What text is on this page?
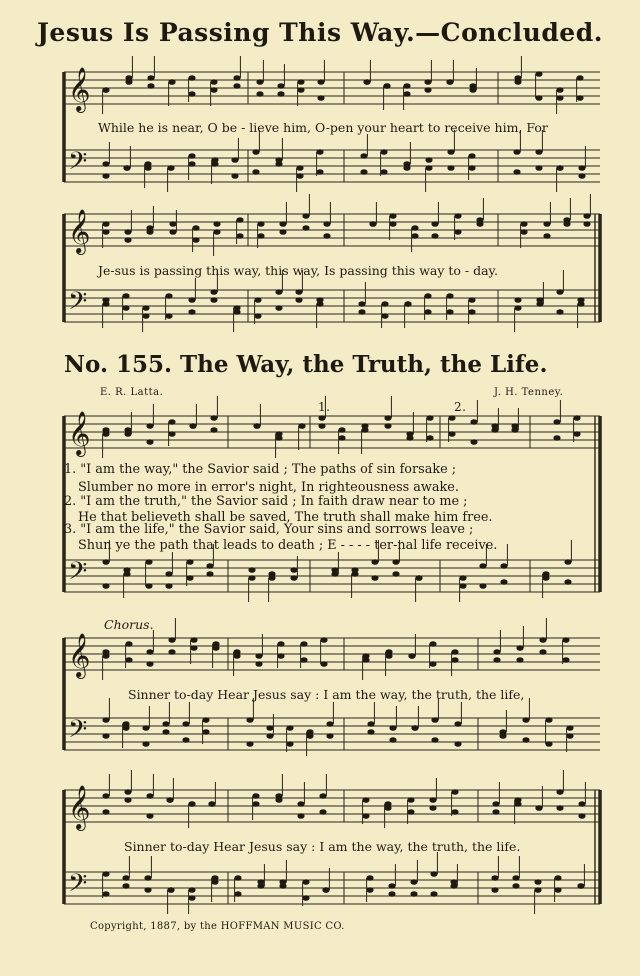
Jesus Is Passing This Way.—Concluded.
𝄞
𝄢
𝄞
𝄢
𝄞
𝄢
𝄞
𝄢
𝄞
𝄢
While he is near, O be - lieve him, O-pen your heart to receive him, For
Je-sus is passing this way, this way, Is passing this way to - day.
No. 155. The Way, the Truth, the Life.
E. R. Latta.	J. H. Tenney.
1.	2.
1. "I am the way," the Savior said ; The paths of sin forsake ;
Slumber no more in error's night, In righteousness awake.
2. "I am the truth," the Savior said ; In faith draw near to me ;
He that believeth shall be saved, The truth shall make him free.
3. "I am the life," the Savior said, Your sins and sorrows leave ;
Shun ye the path that leads to death ; E - - - - ter-nal life receive.
Chorus.
Sinner to-day Hear Jesus say : I am the way, the truth, the life,
Sinner to-day Hear Jesus say : I am the way, the truth, the life.
Copyright, 1887, by the HOFFMAN MUSIC CO.
